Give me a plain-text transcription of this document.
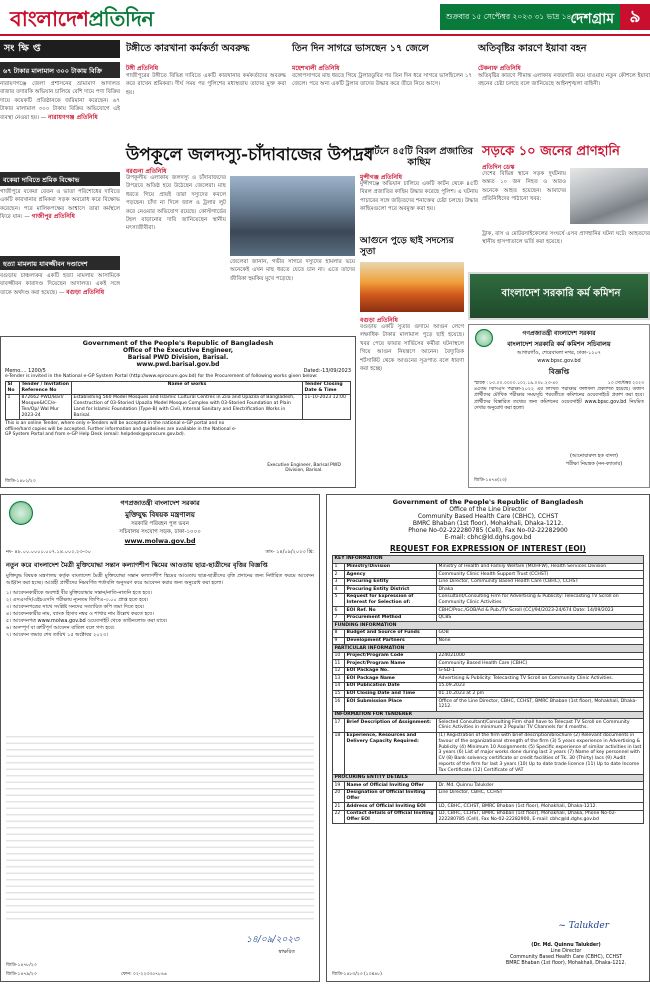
বাংলাদেশপ্রতিদিন	শুক্রবার ১৫ সেপ্টেম্বর ২০২৩ ৩১ ভাদ্র ১৪৩০
দেশগ্রাম ৯
সংক্ষিপ্ত	টঙ্গীতে কারখানা কর্মকর্তা অবরুদ্ধ	তিন দিন সাগরে ভাসছেন ১৭ জেলে	অতিবৃষ্টির কারণে ইয়াবা বহন
৬৭ টাকার মালামাল ৩০০ টাকায় বিক্রি
নারায়ণগঞ্জে জেলা প্রশাসনের ভ্রাম্যমাণ আদালত বাজার তদারকি অভিযান চালিয়ে বেশি দামে পণ্য বিক্রির দায়ে কয়েকটি প্রতিষ্ঠানকে জরিমানা করেছেন। ৬৭ টাকার মালামাল ৩০০ টাকায় বিক্রির অভিযোগে এই ব্যবস্থা নেওয়া হয়। — নারায়ণগঞ্জ প্রতিনিধি
বকেয়া দাবিতে শ্রমিক বিক্ষোভ
গাজীপুরে বকেয়া বেতন ও ভাতা পরিশোধের দাবিতে একটি কারখানার শ্রমিকরা সড়ক অবরোধ করে বিক্ষোভ করেছেন। পরে মালিকপক্ষের আশ্বাসে তারা কর্মস্থলে ফিরে যান। — গাজীপুর প্রতিনিধি
হত্যা মামলায় যাবজ্জীবন দণ্ডাদেশ
বগুড়ায় চাঞ্চল্যকর একটি হত্যা মামলায় আসামিকে যাবজ্জীবন কারাদণ্ড দিয়েছেন আদালত। একই সঙ্গে তাকে অর্থদণ্ড করা হয়েছে। — বগুড়া প্রতিনিধি
টঙ্গী প্রতিনিধি
গাজীপুরের টঙ্গীতে বিভিন্ন দাবিতে একটি কারখানার কর্মকর্তাদের অবরুদ্ধ করে রাখেন শ্রমিকরা। দীর্ঘ সময় পর পুলিশের মধ্যস্থতায় তাদের মুক্ত করা হয়।
মহেশখালী প্রতিনিধি
বঙ্গোপসাগরে মাছ ধরতে গিয়ে ট্রলারডুবির পর তিন দিন ধরে সাগরে ভাসছিলেন ১৭ জেলে। পরে অন্য একটি ট্রলার তাদের উদ্ধার করে তীরে নিয়ে আসে।
টেকনাফ প্রতিনিধি
অতিবৃষ্টির কারণে সীমান্ত এলাকায় নজরদারি কমে যাওয়ায় নতুন কৌশলে ইয়াবা বহনের চেষ্টা চলছে বলে জানিয়েছে আইনশৃঙ্খলা বাহিনী।
উপকূলে জলদস্যু-চাঁদাবাজের উপদ্রব
বরগুনা প্রতিনিধি
উপকূলীয় এলাকায় জলদস্যু ও চাঁদাবাজদের উপদ্রবে অতিষ্ঠ হয়ে উঠেছেন জেলেরা। মাছ ধরতে গিয়ে প্রায়ই তারা দস্যুদের কবলে পড়ছেন। চাঁদা না দিলে জাল ও ট্রলার লুট করে নেওয়ার অভিযোগ রয়েছে। কোস্টগার্ডের টহল বাড়ানোর দাবি জানিয়েছেন স্থানীয় মৎস্যজীবীরা।
জেলেরা জানান, গভীর সাগরে দস্যুদের হামলার ভয়ে অনেকেই এখন মাছ ধরতে যেতে চান না। এতে তাদের জীবিকা হুমকির মুখে পড়েছে।
কার্টনে ৪৫টি বিরল প্রজাতির কাছিম
মুন্সীগঞ্জ প্রতিনিধি
মুন্সীগঞ্জে অভিযান চালিয়ে একটি কার্টন থেকে ৪৫টি বিরল প্রজাতির কাছিম উদ্ধার করেছে পুলিশ। এ ঘটনায় পাচারের সঙ্গে জড়িতদের শনাক্তের চেষ্টা চলছে। উদ্ধার কাছিমগুলো পরে অবমুক্ত করা হয়।
সড়কে ১০ জনের প্রাণহানি
প্রতিদিন ডেস্ক
দেশের বিভিন্ন স্থানে সড়ক দুর্ঘটনায় অন্তত ১০ জন নিহত ও আরও অনেকে আহত হয়েছেন। আমাদের প্রতিনিধিদের পাঠানো খবর:
ট্রাক, বাস ও মোটরসাইকেলের সংঘর্ষে এসব প্রাণহানির ঘটনা ঘটে। আহতদের স্থানীয় হাসপাতালে ভর্তি করা হয়েছে।
বাংলাদেশ সরকারি কর্ম কমিশন
আগুনে পুড়ে ছাই সদস্যের সুতা
বগুড়া প্রতিনিধি
বগুড়ায় একটি সুতার গুদামে আগুন লেগে লক্ষাধিক টাকার মালামাল পুড়ে ছাই হয়েছে। খবর পেয়ে ফায়ার সার্ভিসের কর্মীরা ঘটনাস্থলে গিয়ে আগুন নিয়ন্ত্রণে আনেন। বৈদ্যুতিক শর্টসার্কিট থেকে আগুনের সূত্রপাত বলে ধারণা করা হচ্ছে।
Government of the People's Republic of Bangladesh
Office of the Executive Engineer,
Barisal PWD Division, Barisal.
www.pwd.barisal.gov.bd
Memo.... 1200/5	Dated:-13/09/2023
e-Tender is invited in the National e-GP System Portal (http://www.eprocure.gov.bd) for the Procurement of following works given below:
Sl No	Tender / Invitation Reference No	Name of works	Tender Closing Date & Time
1	872662 PWD/Barl/ Mosque&ICC/e-Ten/Op/ Wal Mur 2023-24	Establishing 560 Model Mosques and Islamic Cultural Centres in Zila and Upazila of Bangladesh, Construction of 03-Storied Upazila Model Mosque Complex with 03-Storied Foundation at Plain Land for Islamic Foundation (Type-B) with Civil, Internal Sanitary and Electrification Works in Barisal.	11-10-2023 12:00
This is an online Tender, where only e-Tenders will be accepted in the national e-GP portal and no offline/hard copies will be accepted. Further information and guidelines are available in the National e-GP System Portal and from e-GP Help Desk (email: helpdesk@eprocure.gov.bd).
Executive Engineer, Barisal PWD Division, Barisal.
জিডি-১৪৮২/২৩
গণপ্রজাতন্ত্রী বাংলাদেশ সরকার
বাংলাদেশ সরকারি কর্ম কমিশন সচিবালয়
আগারগাঁও, শেরেবাংলা নগর, ঢাকা-১২০৭
www.bpsc.gov.bd
বিজ্ঞপ্তি
স্মারক : ৮০.০০.০০০০.১০২.১৯.০০৮.২৩-৪০	১৩ সেপ্টেম্বর ২০২৩
৪৫তম বিসিএস পরীক্ষা-২০২২ এর লিখিত পরীক্ষার ফলাফল প্রকাশিত হয়েছে। উত্তীর্ণ প্রার্থীদের মৌখিক পরীক্ষার সময়সূচি পরবর্তীতে কমিশনের ওয়েবসাইটে প্রকাশ করা হবে। প্রার্থীদের বিস্তারিত তথ্যের জন্য কমিশনের ওয়েবসাইট www.bpsc.gov.bd নিয়মিত দেখার অনুরোধ করা হলো।
(আনোয়ারুল হক বাদল)
পরীক্ষা নিয়ন্ত্রক (নন-ক্যাডার)
জিডি-১৪৭৪(২৩)
গণপ্রজাতন্ত্রী বাংলাদেশ সরকার
মুক্তিযুদ্ধ বিষয়ক মন্ত্রণালয়
সরকারি পরিবহন পুল ভবন
সচিবালয় সংযোগ সড়ক, ঢাকা-১০০০
www.molwa.gov.bd
নং- ৪৮.০০.০০০০.০০৭.১৪.০০২.২৩-৩০	তাং- ১৪/০৯/২০২৩ খ্রি:
নতুন করে বাংলাদেশ মৈত্রী মুক্তিযোদ্ধা সন্তান কল্যাণশীপ স্কিমের আওতায় ছাত্র-ছাত্রীদের বৃত্তির বিজ্ঞপ্তি
মুক্তিযুদ্ধ বিষয়ক মন্ত্রণালয় কর্তৃক বাংলাদেশ মৈত্রী মুক্তিযোদ্ধা সন্তান কল্যাণশীপ স্কিমের আওতায় ছাত্র-ছাত্রীদের বৃত্তি প্রদানের জন্য নির্ধারিত ফরমে আবেদন আহ্বান করা হচ্ছে। আগ্রহী প্রার্থীদের নিম্নবর্ণিত শর্তাবলি অনুসরণ করে আবেদন করার জন্য অনুরোধ করা হলো।
১। আবেদনকারীকে অবশ্যই বীর মুক্তিযোদ্ধার সন্তান/নাতি-নাতনি হতে হবে।
২। এসএসসি/এইচএসসি পরীক্ষায় ন্যূনতম জিপিএ-৩.০০ প্রাপ্ত হতে হবে।
৩। আবেদনপত্রের সাথে সংশ্লিষ্ট সনদের সত্যায়িত কপি জমা দিতে হবে।
৪। আবেদনকারীর নাম, ব্যাংক হিসাব নম্বর ও শাখার নাম উল্লেখ করতে হবে।
৫। আবেদনপত্র www.molwa.gov.bd ওয়েবসাইট থেকে ডাউনলোড করা যাবে।
৬। অসম্পূর্ণ বা ত্রুটিপূর্ণ আবেদন বাতিল বলে গণ্য হবে।
৭। আবেদন জমার শেষ তারিখ ১৫ অক্টোবর ২০২৩।
১৪/০৯/২০২৩
স্বাক্ষরিত
জিডি-১৪৭৮/২৩
জিডি-১৪৭৯/২৩	ফোন: ০২-২২৩৩৫৭৮৪৬
Government of the People's Republic of Bangladesh
Office of the Line Director
Community Based Health Care (CBHC), CCHST
BMRC Bhaban (1st floor), Mohakhali, Dhaka-1212.
Phone No-02-222280785 (Cell), Fax No-02-22282900
E-mail: cbhc@ld.dghs.gov.bd
REQUEST FOR EXPRESSION OF INTEREST (EOI)
KEY INFORMATION		
1	Ministry/Division	Ministry of Health and Family Welfare (MOHFW), Health Services Division
2	Agency	Community Clinic Health Support Trust (CCHST)
3	Procuring Entity	Line Director, Community Based Health Care (CBHC), CCHST
4	Procuring Entity District	Dhaka
5	Request for Expression of Interest for Selection of:	Consultant/Consulting Firm for Advertising & Publicity: Telecasting TV Scroll on Community Clinic Activities
6	EOI Ref. No	CBHC/Proc./GOB/Ad & Pub./TV Scroll (CC)/94/2023-24/674 Date: 14/09/2023
7	Procurement Method	QCBS
FUNDING INFORMATION		
8	Budget and Source of Funds	GOB
9	Development Partners	None
PARTICULAR INFORMATION		
10	Project/Program Code	224021000
11	Project/Program Name	Community Based Health Care (CBHC)
12	EOI Package No.	G-SD-1
13	EOI Package Name	Advertising & Publicity: Telecasting TV Scroll on Community Clinic Activities.
14	EOI Publication Date	15.09.2023
15	EOI Closing Date and Time	01.10.2023 at 2 pm
16	EOI Submission Place	Office of the Line Director, CBHC, CCHST, BMRC Bhaban (1st floor), Mohakhali, Dhaka-1212.
INFORMATION FOR TENDERER		
17	Brief Description of Assignment:	Selected Consultant/Consulting Firm shall have to Telecast TV Scroll on Community Clinic Activities in minimum 2 Popular TV Channels for 4 months.
18	Experience, Resources and Delivery Capacity Required:	(1) Registration of the firm with brief description/brochure (2) Relevant documents in favour of the organizational strength of the firm (3) 5 years experience in Advertising & Publicity (4) Minimum 10 Assignments (5) Specific experience of similar activities in last 3 years (6) List of major works done during last 3 years (7) Name of key personnel with CV (8) Bank solvency certificate or credit facilities of Tk. 30 (Thirty) lacs (9) Audit reports of the firm for last 3 years (10) Up to date trade licence (11) Up to date Income Tax Certificate (12) Certificate of VAT
PROCURING ENTITY DETAILS		
19	Name of Official Inviting Offer	Dr. Md. Quinnu Talukder
20	Designation of Official Inviting Offer	Line Director, CBHC, CCHST
21	Address of Official Inviting EOI	LD, CBHC, CCHST, BMRC Bhaban (1st floor), Mohakhali, Dhaka-1212.
22	Contact details of Official Inviting Offer EOI	LD, CBHC, CCHST, BMRC Bhaban (1st floor), Mohakhali, Dhaka, Phone No-02-222280785 (Cell), Fax No-02-22282900, E-mail: cbhc@ld.dghs.gov.bd
~ Talukder
(Dr. Md. Quinnu Talukder)
Line Director
Community Based Health Care (CBHC), CCHST
BMRC Bhaban (1st floor), Mohakhali, Dhaka-1212.
জিডি-১৪৮৩/২৩ (১০x৪৮)
